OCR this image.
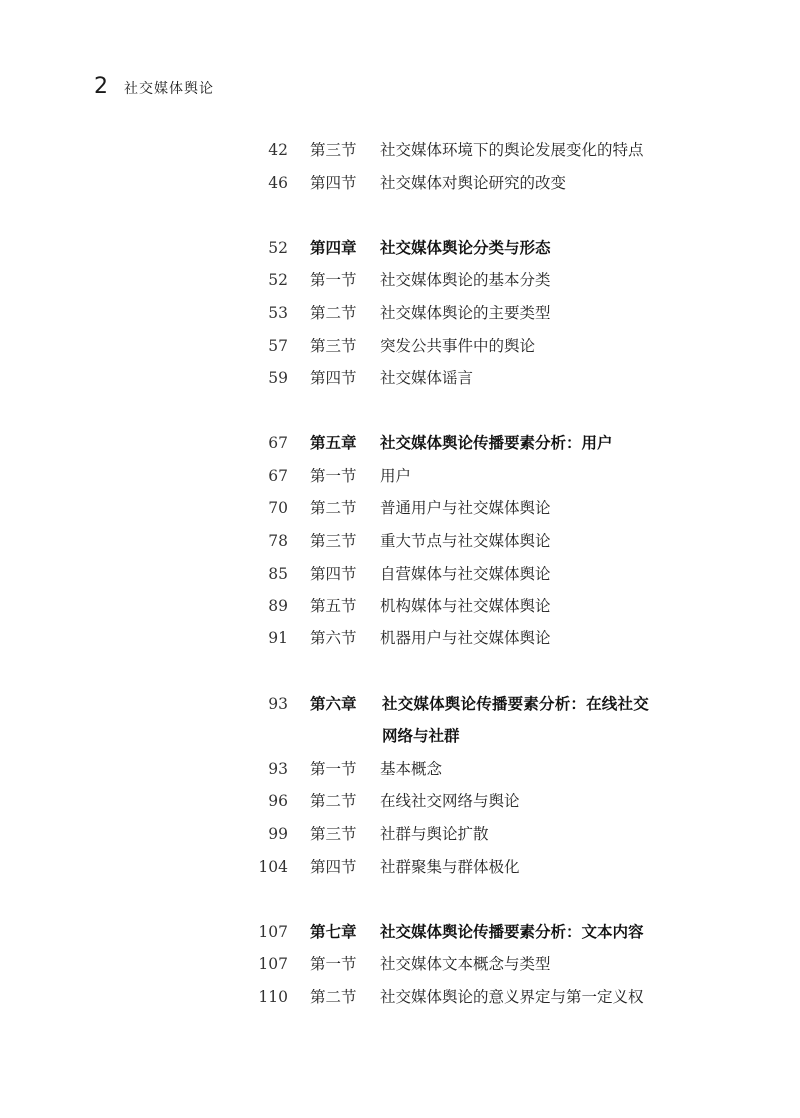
2 社交媒体舆论
42 第三节 社交媒体环境下的舆论发展变化的特点
46 第四节 社交媒体对舆论研究的改变
52 第四章 社交媒体舆论分类与形态
52 第一节 社交媒体舆论的基本分类
53 第二节 社交媒体舆论的主要类型
57 第三节 突发公共事件中的舆论
59 第四节 社交媒体谣言
67 第五章 社交媒体舆论传播要素分析：用户
67 第一节 用户
70 第二节 普通用户与社交媒体舆论
78 第三节 重大节点与社交媒体舆论
85 第四节 自营媒体与社交媒体舆论
89 第五节 机构媒体与社交媒体舆论
91 第六节 机器用户与社交媒体舆论
93 第六章 社交媒体舆论传播要素分析：在线社交
网络与社群
93 第一节 基本概念
96 第二节 在线社交网络与舆论
99 第三节 社群与舆论扩散
104 第四节 社群聚集与群体极化
107 第七章 社交媒体舆论传播要素分析：文本内容
107 第一节 社交媒体文本概念与类型
110 第二节 社交媒体舆论的意义界定与第一定义权
